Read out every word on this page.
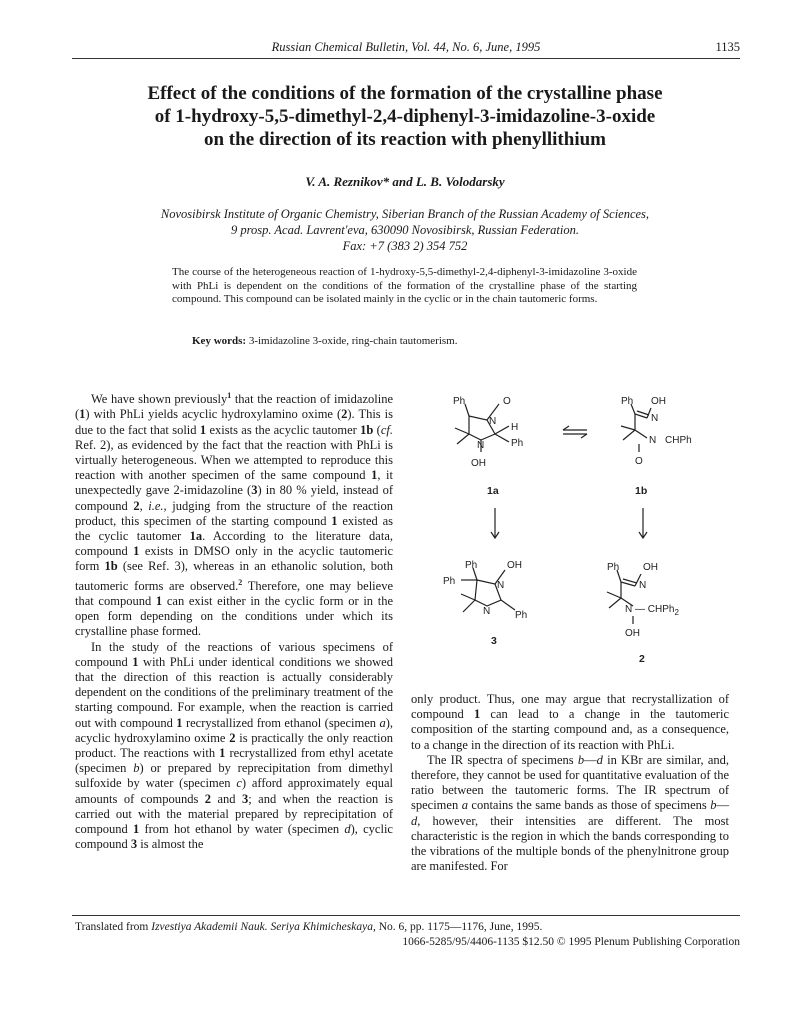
Russian Chemical Bulletin, Vol. 44, No. 6, June, 1995	1135
Effect of the conditions of the formation of the crystalline phase
of 1-hydroxy-5,5-dimethyl-2,4-diphenyl-3-imidazoline-3-oxide
on the direction of its reaction with phenyllithium
V. A. Reznikov* and L. B. Volodarsky
Novosibirsk Institute of Organic Chemistry, Siberian Branch of the Russian Academy of Sciences,
9 prosp. Acad. Lavrent'eva, 630090 Novosibirsk, Russian Federation.
Fax: +7 (383 2) 354 752
The course of the heterogeneous reaction of 1-hydroxy-5,5-dimethyl-2,4-diphenyl-3-imidazoline 3-oxide with PhLi is dependent on the conditions of the formation of the crystalline phase of the starting compound. This compound can be isolated mainly in the cyclic or in the chain tautomeric forms.
Key words: 3-imidazoline 3-oxide, ring-chain tautomerism.

We have shown previously$^1$ that the reaction of imidazoline (1) with PhLi yields acyclic hydroxylamino oxime (2). This is due to the fact that solid 1 exists as the acyclic tautomer 1b (cf. Ref. 2), as evidenced by the fact that the reaction with PhLi is virtually heterogeneous. When we attempted to reproduce this reaction with another specimen of the same compound 1, it unexpectedly gave 2-imidazoline (3) in 80 % yield, instead of compound 2, i.e., judging from the structure of the reaction product, this specimen of the starting compound 1 existed as the cyclic tautomer 1a. According to the literature data, compound 1 exists in DMSO only in the acyclic tautomeric form 1b (see Ref. 3), whereas in an ethanolic solution, both tautomeric forms are observed.$^2$ Therefore, one may believe that compound 1 can exist either in the cyclic form or in the open form depending on the conditions under which its crystalline phase formed.

In the study of the reactions of various specimens of compound 1 with PhLi under identical conditions we showed that the direction of this reaction is actually considerably dependent on the conditions of the preliminary treatment of the starting compound. For example, when the reaction is carried out with compound 1 recrystallized from ethanol (specimen a), acyclic hydroxylamino oxime 2 is practically the only reaction product. The reactions with 1 recrystallized from ethyl acetate (specimen b) or prepared by reprecipitation from dimethyl sulfoxide by water (specimen c) afford approximately equal amounts of compounds 2 and 3; and when the reaction is carried out with the material prepared by reprecipitation of compound 1 from hot ethanol by water (specimen d), cyclic compound 3 is almost the

Ph	O
N
H
N	Ph
OH
1a
Ph OH
N
N CHPh
O
1b
Ph	OH
Ph	N
N Ph
3
Ph OH
N
N — CHPh$_2$
OH
2

only product. Thus, one may argue that recrystallization of compound 1 can lead to a change in the tautomeric composition of the starting compound and, as a consequence, to a change in the direction of its reaction with PhLi.

The IR spectra of specimens b—d in KBr are similar, and, therefore, they cannot be used for quantitative evaluation of the ratio between the tautomeric forms. The IR spectrum of specimen a contains the same bands as those of specimens b—d, however, their intensities are different. The most characteristic is the region in which the bands corresponding to the vibrations of the multiple bonds of the phenylnitrone group are manifested. For

Translated from Izvestiya Akademii Nauk. Seriya Khimicheskaya, No. 6, pp. 1175—1176, June, 1995.
1066-5285/95/4406-1135 $12.50 © 1995 Plenum Publishing Corporation
